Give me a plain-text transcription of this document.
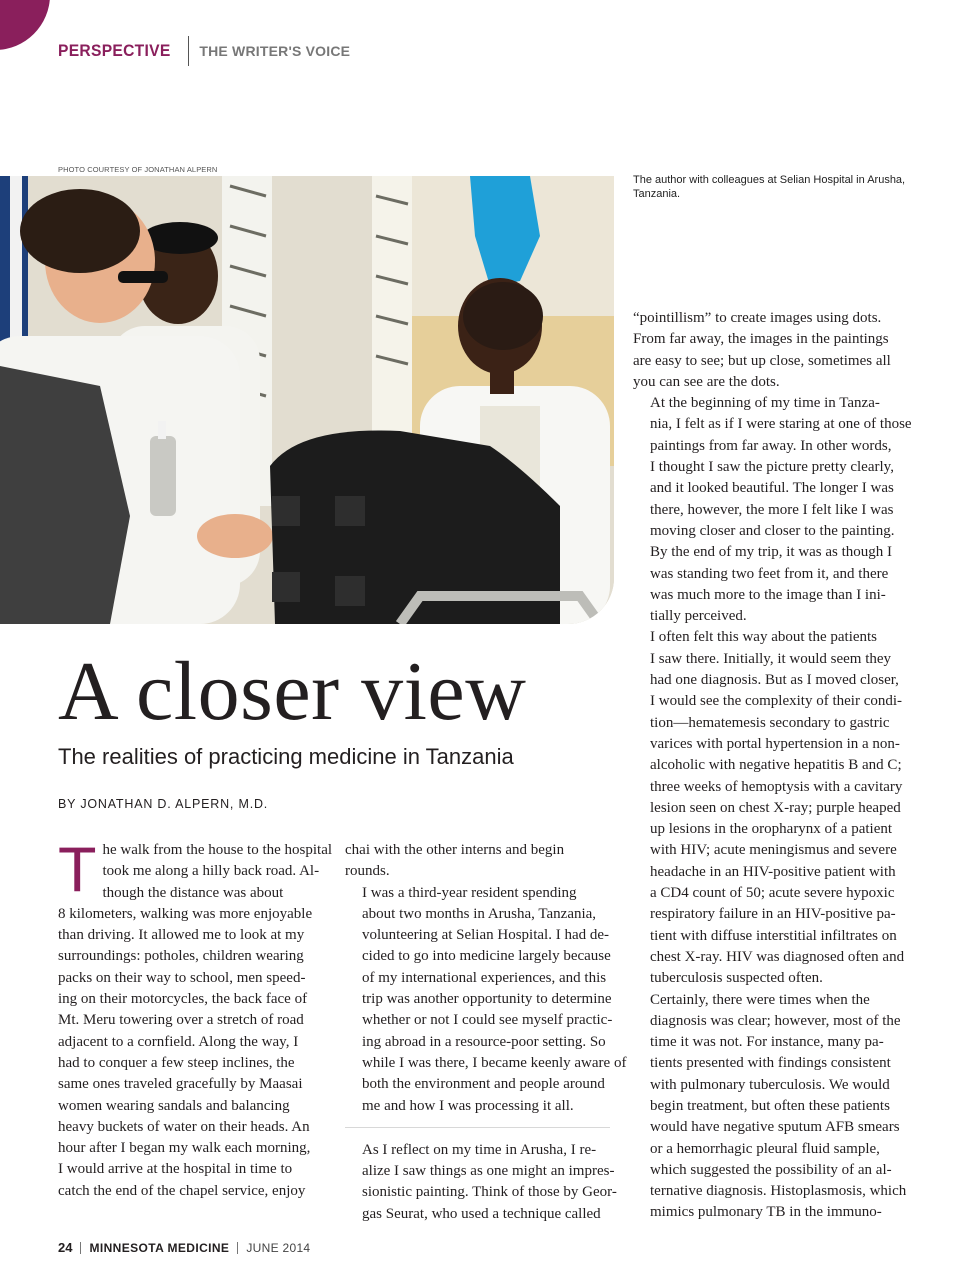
PERSPECTIVE THE WRITER'S VOICE
PHOTO COURTESY OF JONATHAN ALPERN
The author with colleagues at Selian Hospital in Arusha, Tanzania.
A closer view
The realities of practicing medicine in Tanzania
BY JONATHAN D. ALPERN, M.D.

T he walk from the house to the hospital
took me along a hilly back road. Al-
though the distance was about
8 kilometers, walking was more enjoyable
than driving. It allowed me to look at my
surroundings: potholes, children wearing
packs on their way to school, men speed-
ing on their motorcycles, the back face of
Mt. Meru towering over a stretch of road
adjacent to a cornfield. Along the way, I
had to conquer a few steep inclines, the
same ones traveled gracefully by Maasai
women wearing sandals and balancing
heavy buckets of water on their heads. An
hour after I began my walk each morning,
I would arrive at the hospital in time to
catch the end of the chapel service, enjoy

chai with the other interns and begin
rounds.

I was a third-year resident spending
about two months in Arusha, Tanzania,
volunteering at Selian Hospital. I had de-
cided to go into medicine largely because
of my international experiences, and this
trip was another opportunity to determine
whether or not I could see myself practic-
ing abroad in a resource-poor setting. So
while I was there, I became keenly aware of
both the environment and people around
me and how I was processing it all.

As I reflect on my time in Arusha, I re-
alize I saw things as one might an impres-
sionistic painting. Think of those by Geor-
gas Seurat, who used a technique called

“pointillism” to create images using dots.
From far away, the images in the paintings
are easy to see; but up close, sometimes all
you can see are the dots.

At the beginning of my time in Tanza-
nia, I felt as if I were staring at one of those
paintings from far away. In other words,
I thought I saw the picture pretty clearly,
and it looked beautiful. The longer I was
there, however, the more I felt like I was
moving closer and closer to the painting.
By the end of my trip, it was as though I
was standing two feet from it, and there
was much more to the image than I ini-
tially perceived.

I often felt this way about the patients
I saw there. Initially, it would seem they
had one diagnosis. But as I moved closer,
I would see the complexity of their condi-
tion—hematemesis secondary to gastric
varices with portal hypertension in a non-
alcoholic with negative hepatitis B and C;
three weeks of hemoptysis with a cavitary
lesion seen on chest X-ray; purple heaped
up lesions in the oropharynx of a patient
with HIV; acute meningismus and severe
headache in an HIV-positive patient with
a CD4 count of 50; acute severe hypoxic
respiratory failure in an HIV-positive pa-
tient with diffuse interstitial infiltrates on
chest X-ray. HIV was diagnosed often and
tuberculosis suspected often.

Certainly, there were times when the
diagnosis was clear; however, most of the
time it was not. For instance, many pa-
tients presented with findings consistent
with pulmonary tuberculosis. We would
begin treatment, but often these patients
would have negative sputum AFB smears
or a hemorrhagic pleural fluid sample,
which suggested the possibility of an al-
ternative diagnosis. Histoplasmosis, which
mimics pulmonary TB in the immuno-

24 MINNESOTA MEDICINE JUNE 2014
